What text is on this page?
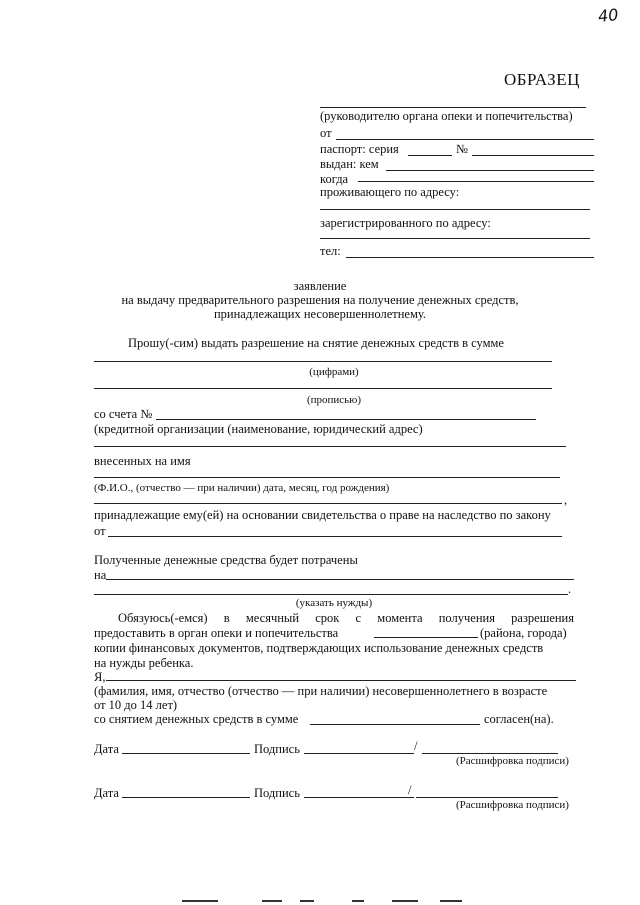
40
ОБРАЗЕЦ
(руководителю органа опеки и попечительства)
от
паспорт: серия	№
выдан: кем
когда
проживающего по адресу:
зарегистрированного по адресу:
тел:
заявление
на выдачу предварительного разрешения на получение денежных средств,
принадлежащих несовершеннолетнему.
Прошу(-сим) выдать разрешение на снятие денежных средств в сумме
(цифрами)
(прописью)
со счета №
(кредитной организации (наименование, юридический адрес)
внесенных на имя
(Ф.И.О., (отчество — при наличии) дата, месяц, год рождения)
,
принадлежащие ему(ей) на основании свидетельства о праве на наследство по закону
от
Полученные денежные средства будет потрачены
на
.
(указать нужды)
Обязуюсь(-емся) в месячный срок с момента получения разрешения
предоставить в орган опеки и попечительства	(района, города)
копии финансовых документов, подтверждающих использование денежных средств
на нужды ребенка.
Я,
(фамилия, имя, отчество (отчество — при наличии) несовершеннолетнего в возрасте
от 10 до 14 лет)
со снятием денежных средств в сумме	согласен(на).
Дата	Подпись	/
(Расшифровка подписи)
Дата	Подпись	/
(Расшифровка подписи)
